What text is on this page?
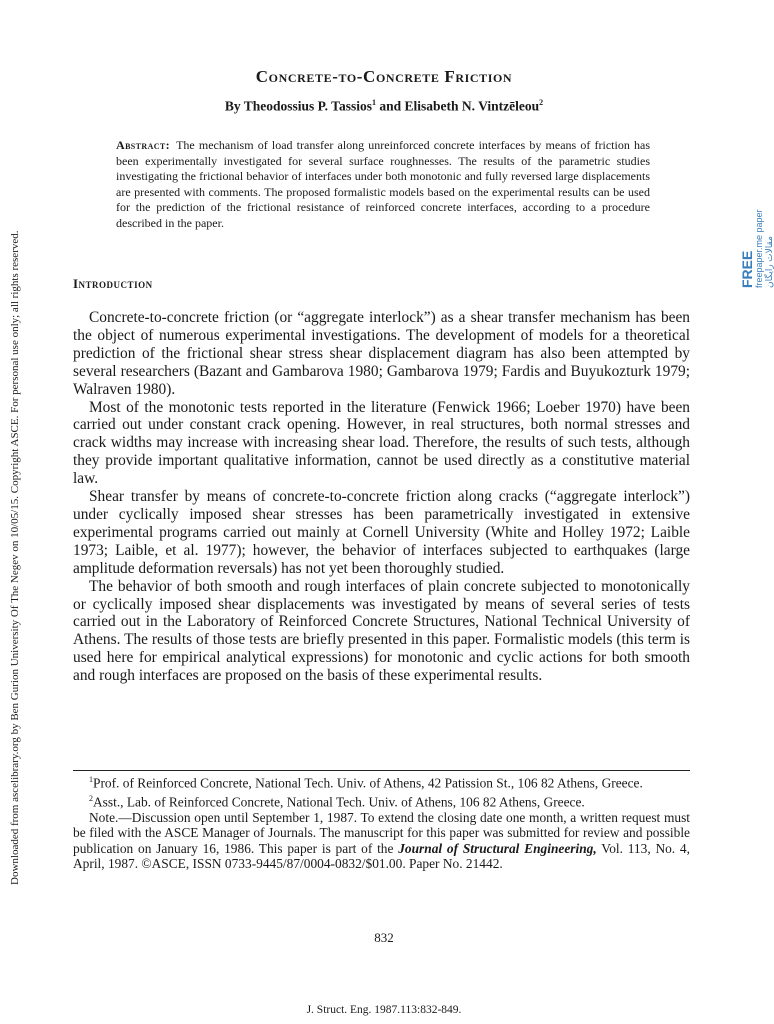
Downloaded from ascelibrary.org by Ben Gurion University Of The Negev on 10/05/15. Copyright ASCE. For personal use only; all rights reserved.
Concrete-to-Concrete Friction
By Theodossius P. Tassios$^1$ and Elisabeth N. Vintzēleou$^2$
Abstract: The mechanism of load transfer along unreinforced concrete interfaces by means of friction has been experimentally investigated for several surface roughnesses. The results of the parametric studies investigating the frictional behavior of interfaces under both monotonic and fully reversed large displacements are presented with comments. The proposed formalistic models based on the experimental results can be used for the prediction of the frictional resistance of reinforced concrete interfaces, according to a procedure described in the paper.
FREE freepaper.me paper مقالات رایگان
Introduction

Concrete-to-concrete friction (or “aggregate interlock”) as a shear transfer mechanism has been the object of numerous experimental investigations. The development of models for a theoretical prediction of the frictional shear stress shear displacement diagram has also been attempted by several researchers (Bazant and Gambarova 1980; Gambarova 1979; Fardis and Buyukozturk 1979; Walraven 1980).

Most of the monotonic tests reported in the literature (Fenwick 1966; Loeber 1970) have been carried out under constant crack opening. However, in real structures, both normal stresses and crack widths may increase with increasing shear load. Therefore, the results of such tests, although they provide important qualitative information, cannot be used directly as a constitutive material law.

Shear transfer by means of concrete-to-concrete friction along cracks (“aggregate interlock”) under cyclically imposed shear stresses has been parametrically investigated in extensive experimental programs carried out mainly at Cornell University (White and Holley 1972; Laible 1973; Laible, et al. 1977); however, the behavior of interfaces subjected to earthquakes (large amplitude deformation reversals) has not yet been thoroughly studied.

The behavior of both smooth and rough interfaces of plain concrete subjected to monotonically or cyclically imposed shear displacements was investigated by means of several series of tests carried out in the Laboratory of Reinforced Concrete Structures, National Technical University of Athens. The results of those tests are briefly presented in this paper. Formalistic models (this term is used here for empirical analytical expressions) for monotonic and cyclic actions for both smooth and rough interfaces are proposed on the basis of these experimental results.

$^1$Prof. of Reinforced Concrete, National Tech. Univ. of Athens, 42 Patission St., 106 82 Athens, Greece.

$^2$Asst., Lab. of Reinforced Concrete, National Tech. Univ. of Athens, 106 82 Athens, Greece.

Note.—Discussion open until September 1, 1987. To extend the closing date one month, a written request must be filed with the ASCE Manager of Journals. The manuscript for this paper was submitted for review and possible publication on January 16, 1986. This paper is part of the Journal of Structural Engineering, Vol. 113, No. 4, April, 1987. ©ASCE, ISSN 0733-9445/87/0004-0832/$01.00. Paper No. 21442.

832
J. Struct. Eng. 1987.113:832-849.
